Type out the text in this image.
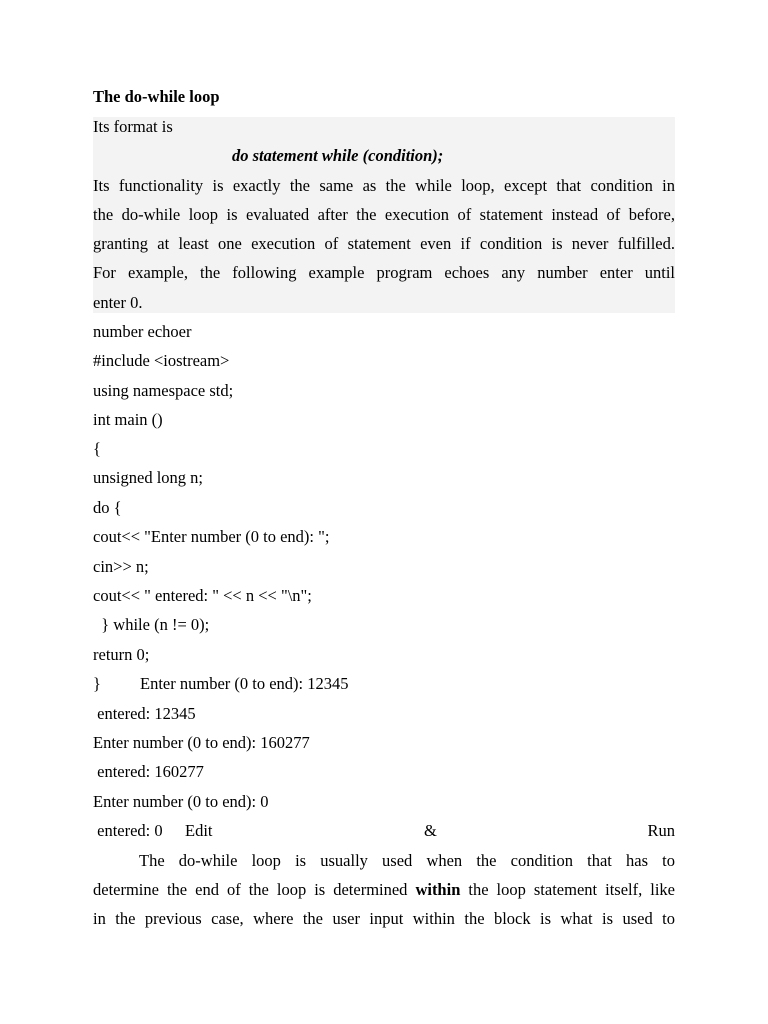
The do-while loop
Its format is
do statement while (condition);
Its functionality is exactly the same as the while loop, except that condition in
the do-while loop is evaluated after the execution of statement instead of before,
granting at least one execution of statement even if condition is never fulfilled.
For example, the following example program echoes any number enter until
enter 0.
number echoer
#include <iostream>
using namespace std;
int main ()
{
unsigned long n;
do {
cout<< "Enter number (0 to end): ";
cin>> n;
cout<< " entered: " << n << "\n";
} while (n != 0);
return 0;
} Enter number (0 to end): 12345
entered: 12345
Enter number (0 to end): 160277
entered: 160277
Enter number (0 to end): 0
entered: 0 Edit	&	Run
The do-while loop is usually used when the condition that has to
determine the end of the loop is determined within the loop statement itself, like
in the previous case, where the user input within the block is what is used to
